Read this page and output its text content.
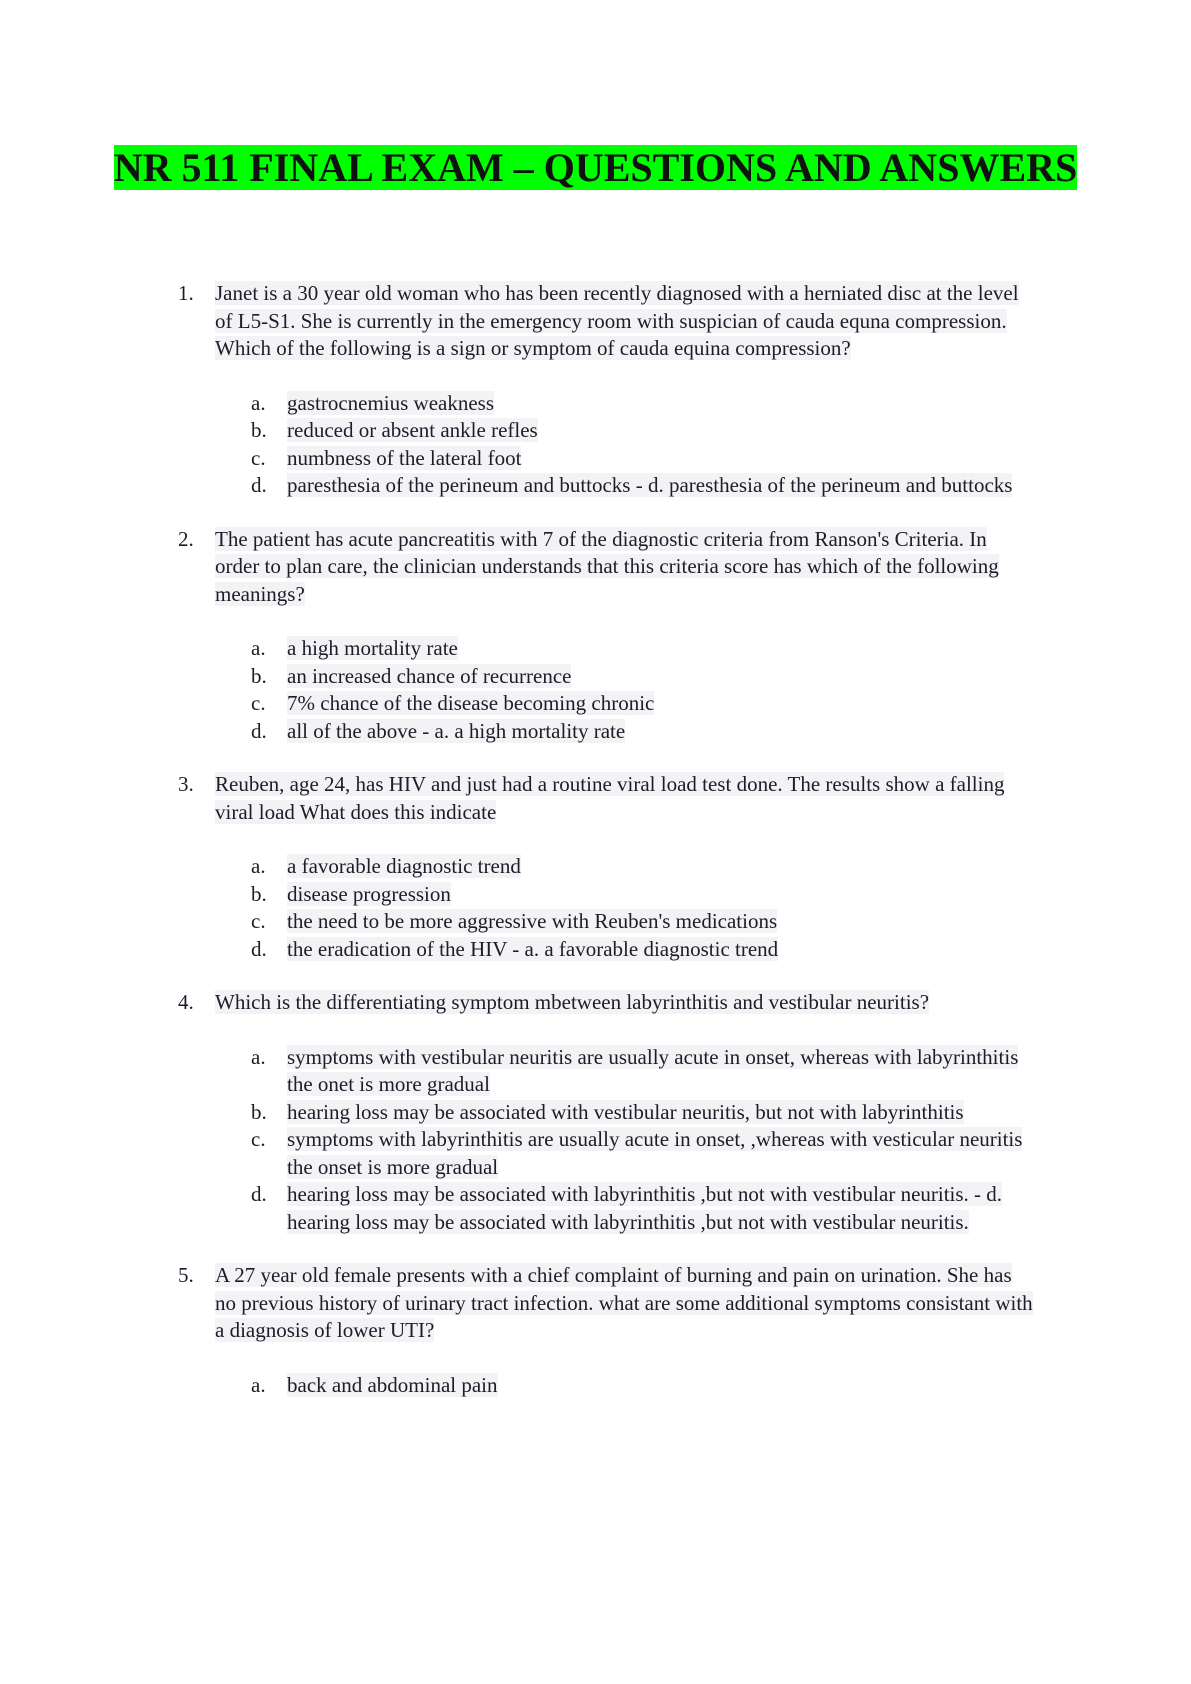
NR 511 FINAL EXAM – QUESTIONS AND ANSWERS
1. Janet is a 30 year old woman who has been recently diagnosed with a herniated disc at the level of L5-S1. She is currently in the emergency room with suspician of cauda equna compression. Which of the following is a sign or symptom of cauda equina compression?
a. gastrocnemius weakness
b. reduced or absent ankle refles
c. numbness of the lateral foot
d. paresthesia of the perineum and buttocks - d. paresthesia of the perineum and buttocks
2. The patient has acute pancreatitis with 7 of the diagnostic criteria from Ranson's Criteria. In order to plan care, the clinician understands that this criteria score has which of the following meanings?
a. a high mortality rate
b. an increased chance of recurrence
c. 7% chance of the disease becoming chronic
d. all of the above - a. a high mortality rate
3. Reuben, age 24, has HIV and just had a routine viral load test done. The results show a falling viral load What does this indicate
a. a favorable diagnostic trend
b. disease progression
c. the need to be more aggressive with Reuben's medications
d. the eradication of the HIV - a. a favorable diagnostic trend
4. Which is the differentiating symptom mbetween labyrinthitis and vestibular neuritis?
a. symptoms with vestibular neuritis are usually acute in onset, whereas with labyrinthitis the onet is more gradual
b. hearing loss may be associated with vestibular neuritis, but not with labyrinthitis
c. symptoms with labyrinthitis are usually acute in onset, ,whereas with vesticular neuritis the onset is more gradual
d. hearing loss may be associated with labyrinthitis ,but not with vestibular neuritis. - d. hearing loss may be associated with labyrinthitis ,but not with vestibular neuritis.
5. A 27 year old female presents with a chief complaint of burning and pain on urination. She has no previous history of urinary tract infection. what are some additional symptoms consistant with a diagnosis of lower UTI?
a. back and abdominal pain
